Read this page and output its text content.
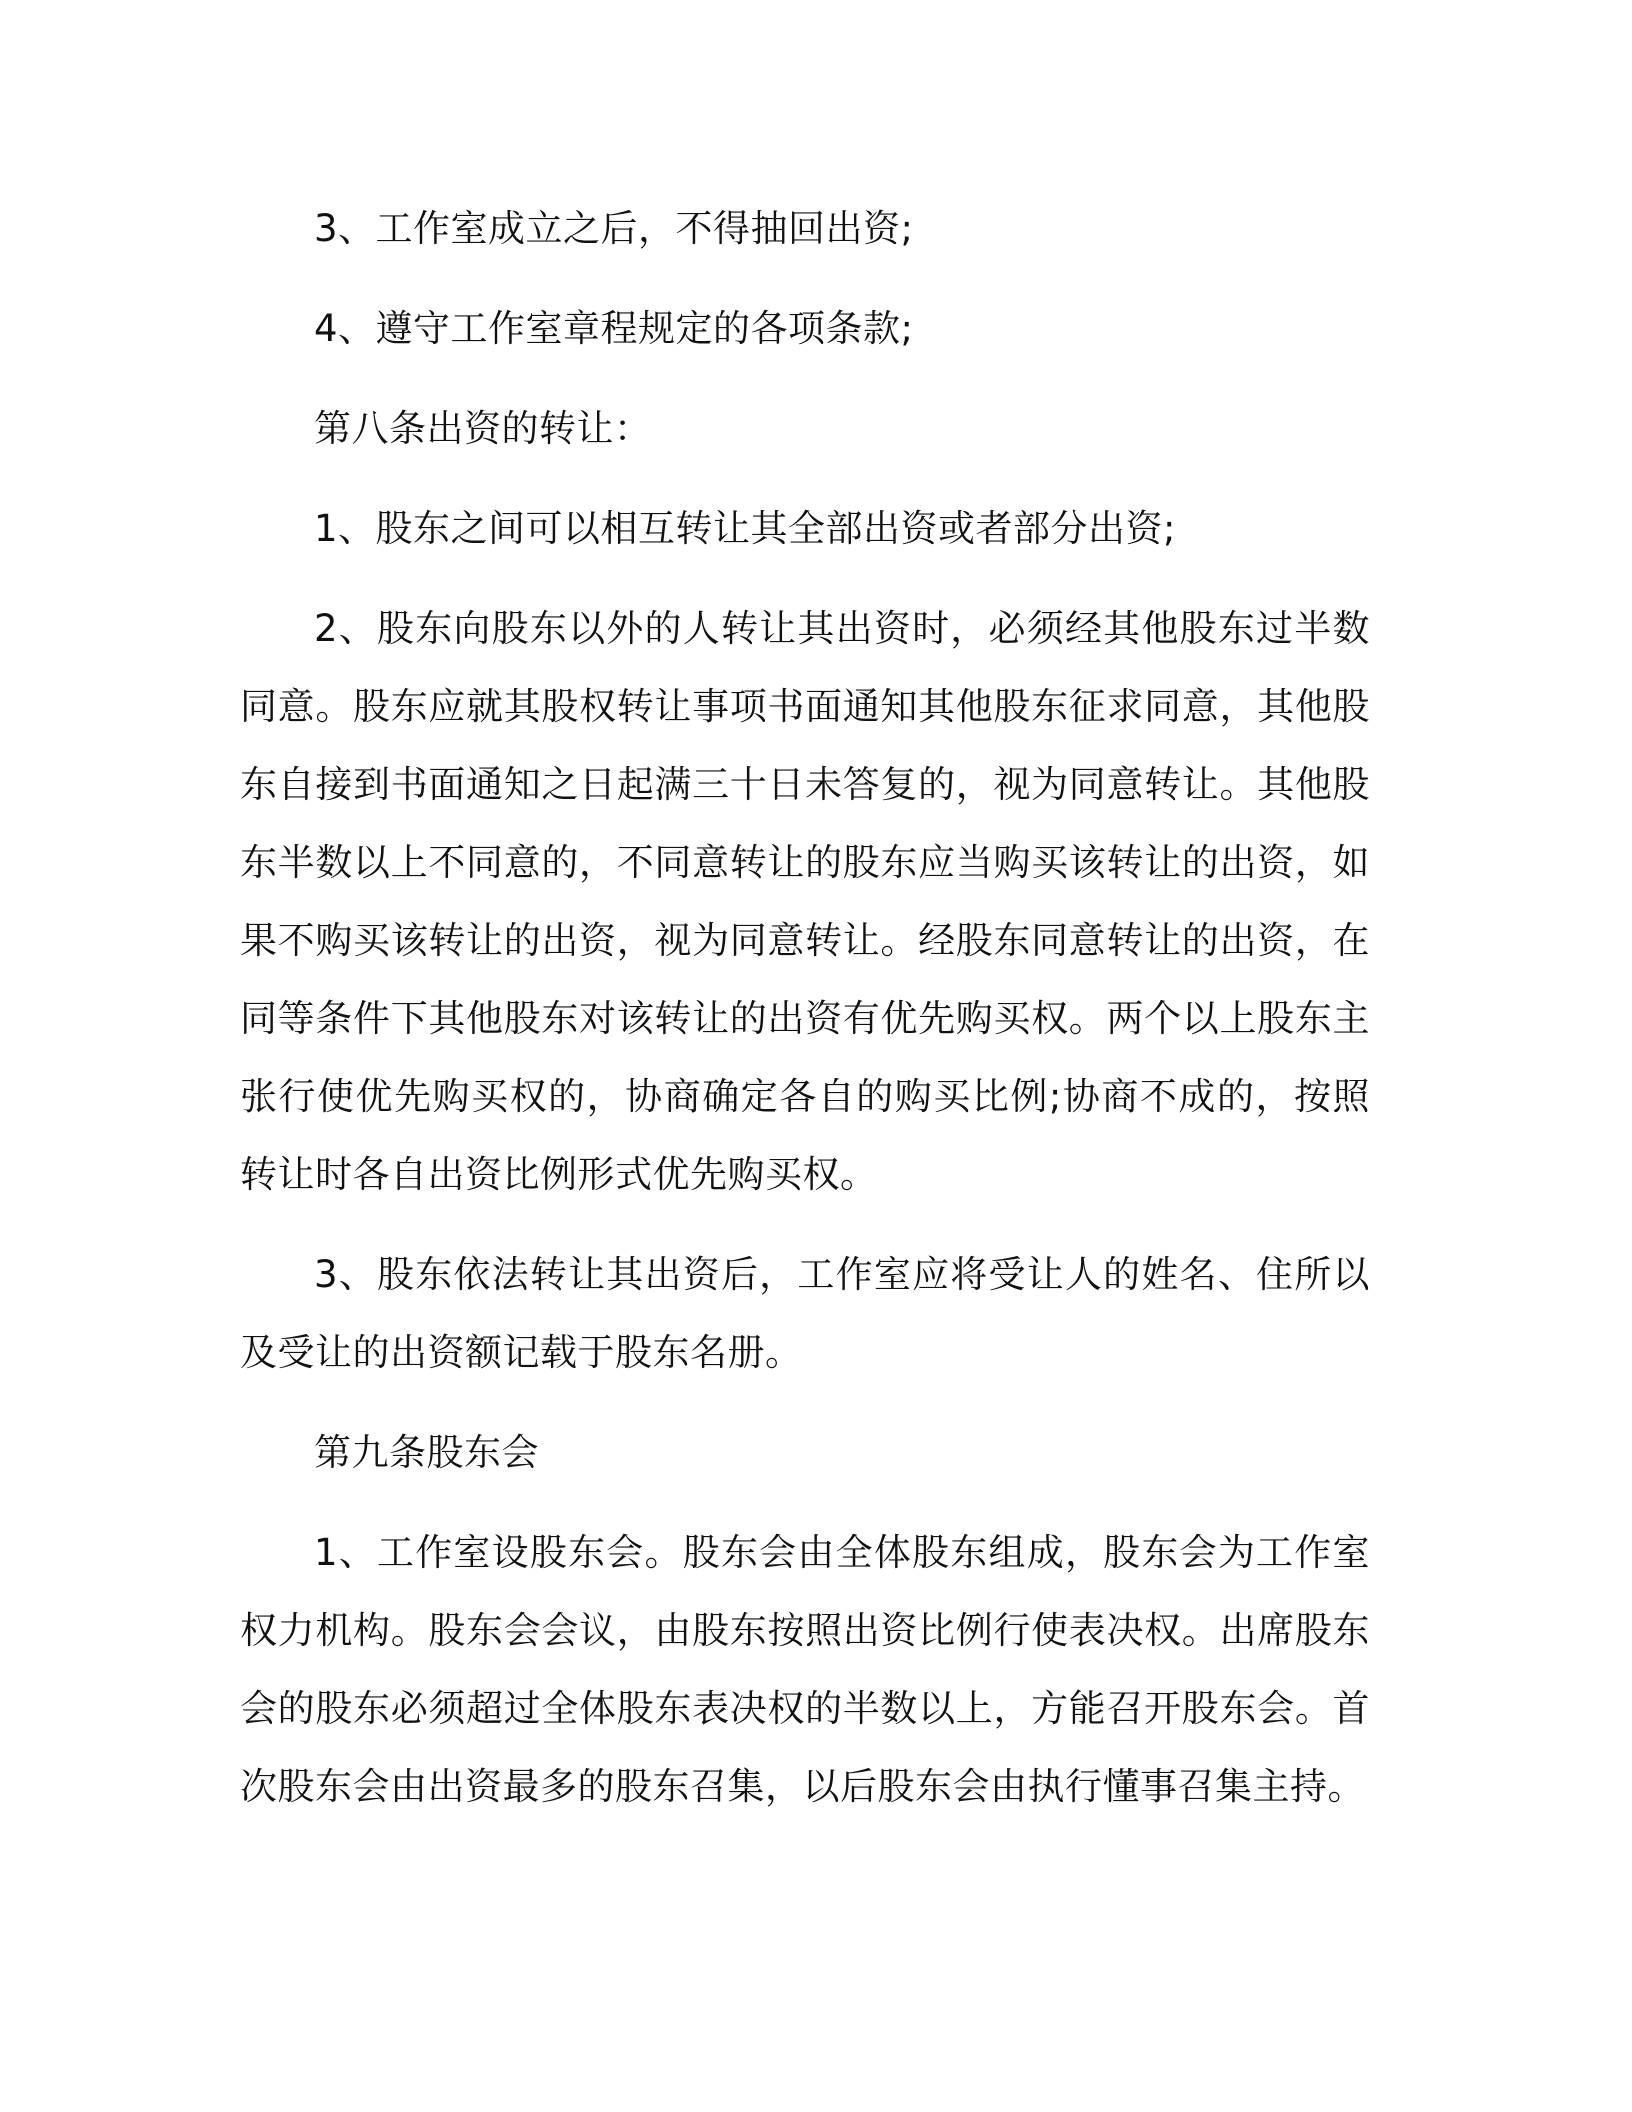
3、工作室成立之后，不得抽回出资;

4、遵守工作室章程规定的各项条款;

第八条出资的转让：

1、股东之间可以相互转让其全部出资或者部分出资;

2、股东向股东以外的人转让其出资时，必须经其他股东过半数同意。股东应就其股权转让事项书面通知其他股东征求同意，其他股东自接到书面通知之日起满三十日未答复的，视为同意转让。其他股东半数以上不同意的，不同意转让的股东应当购买该转让的出资，如果不购买该转让的出资，视为同意转让。经股东同意转让的出资，在同等条件下其他股东对该转让的出资有优先购买权。两个以上股东主张行使优先购买权的，协商确定各自的购买比例;协商不成的，按照转让时各自出资比例形式优先购买权。

3、股东依法转让其出资后，工作室应将受让人的姓名、住所以及受让的出资额记载于股东名册。

第九条股东会

1、工作室设股东会。股东会由全体股东组成，股东会为工作室权力机构。股东会会议，由股东按照出资比例行使表决权。出席股东会的股东必须超过全体股东表决权的半数以上，方能召开股东会。首次股东会由出资最多的股东召集，以后股东会由执行懂事召集主持。
